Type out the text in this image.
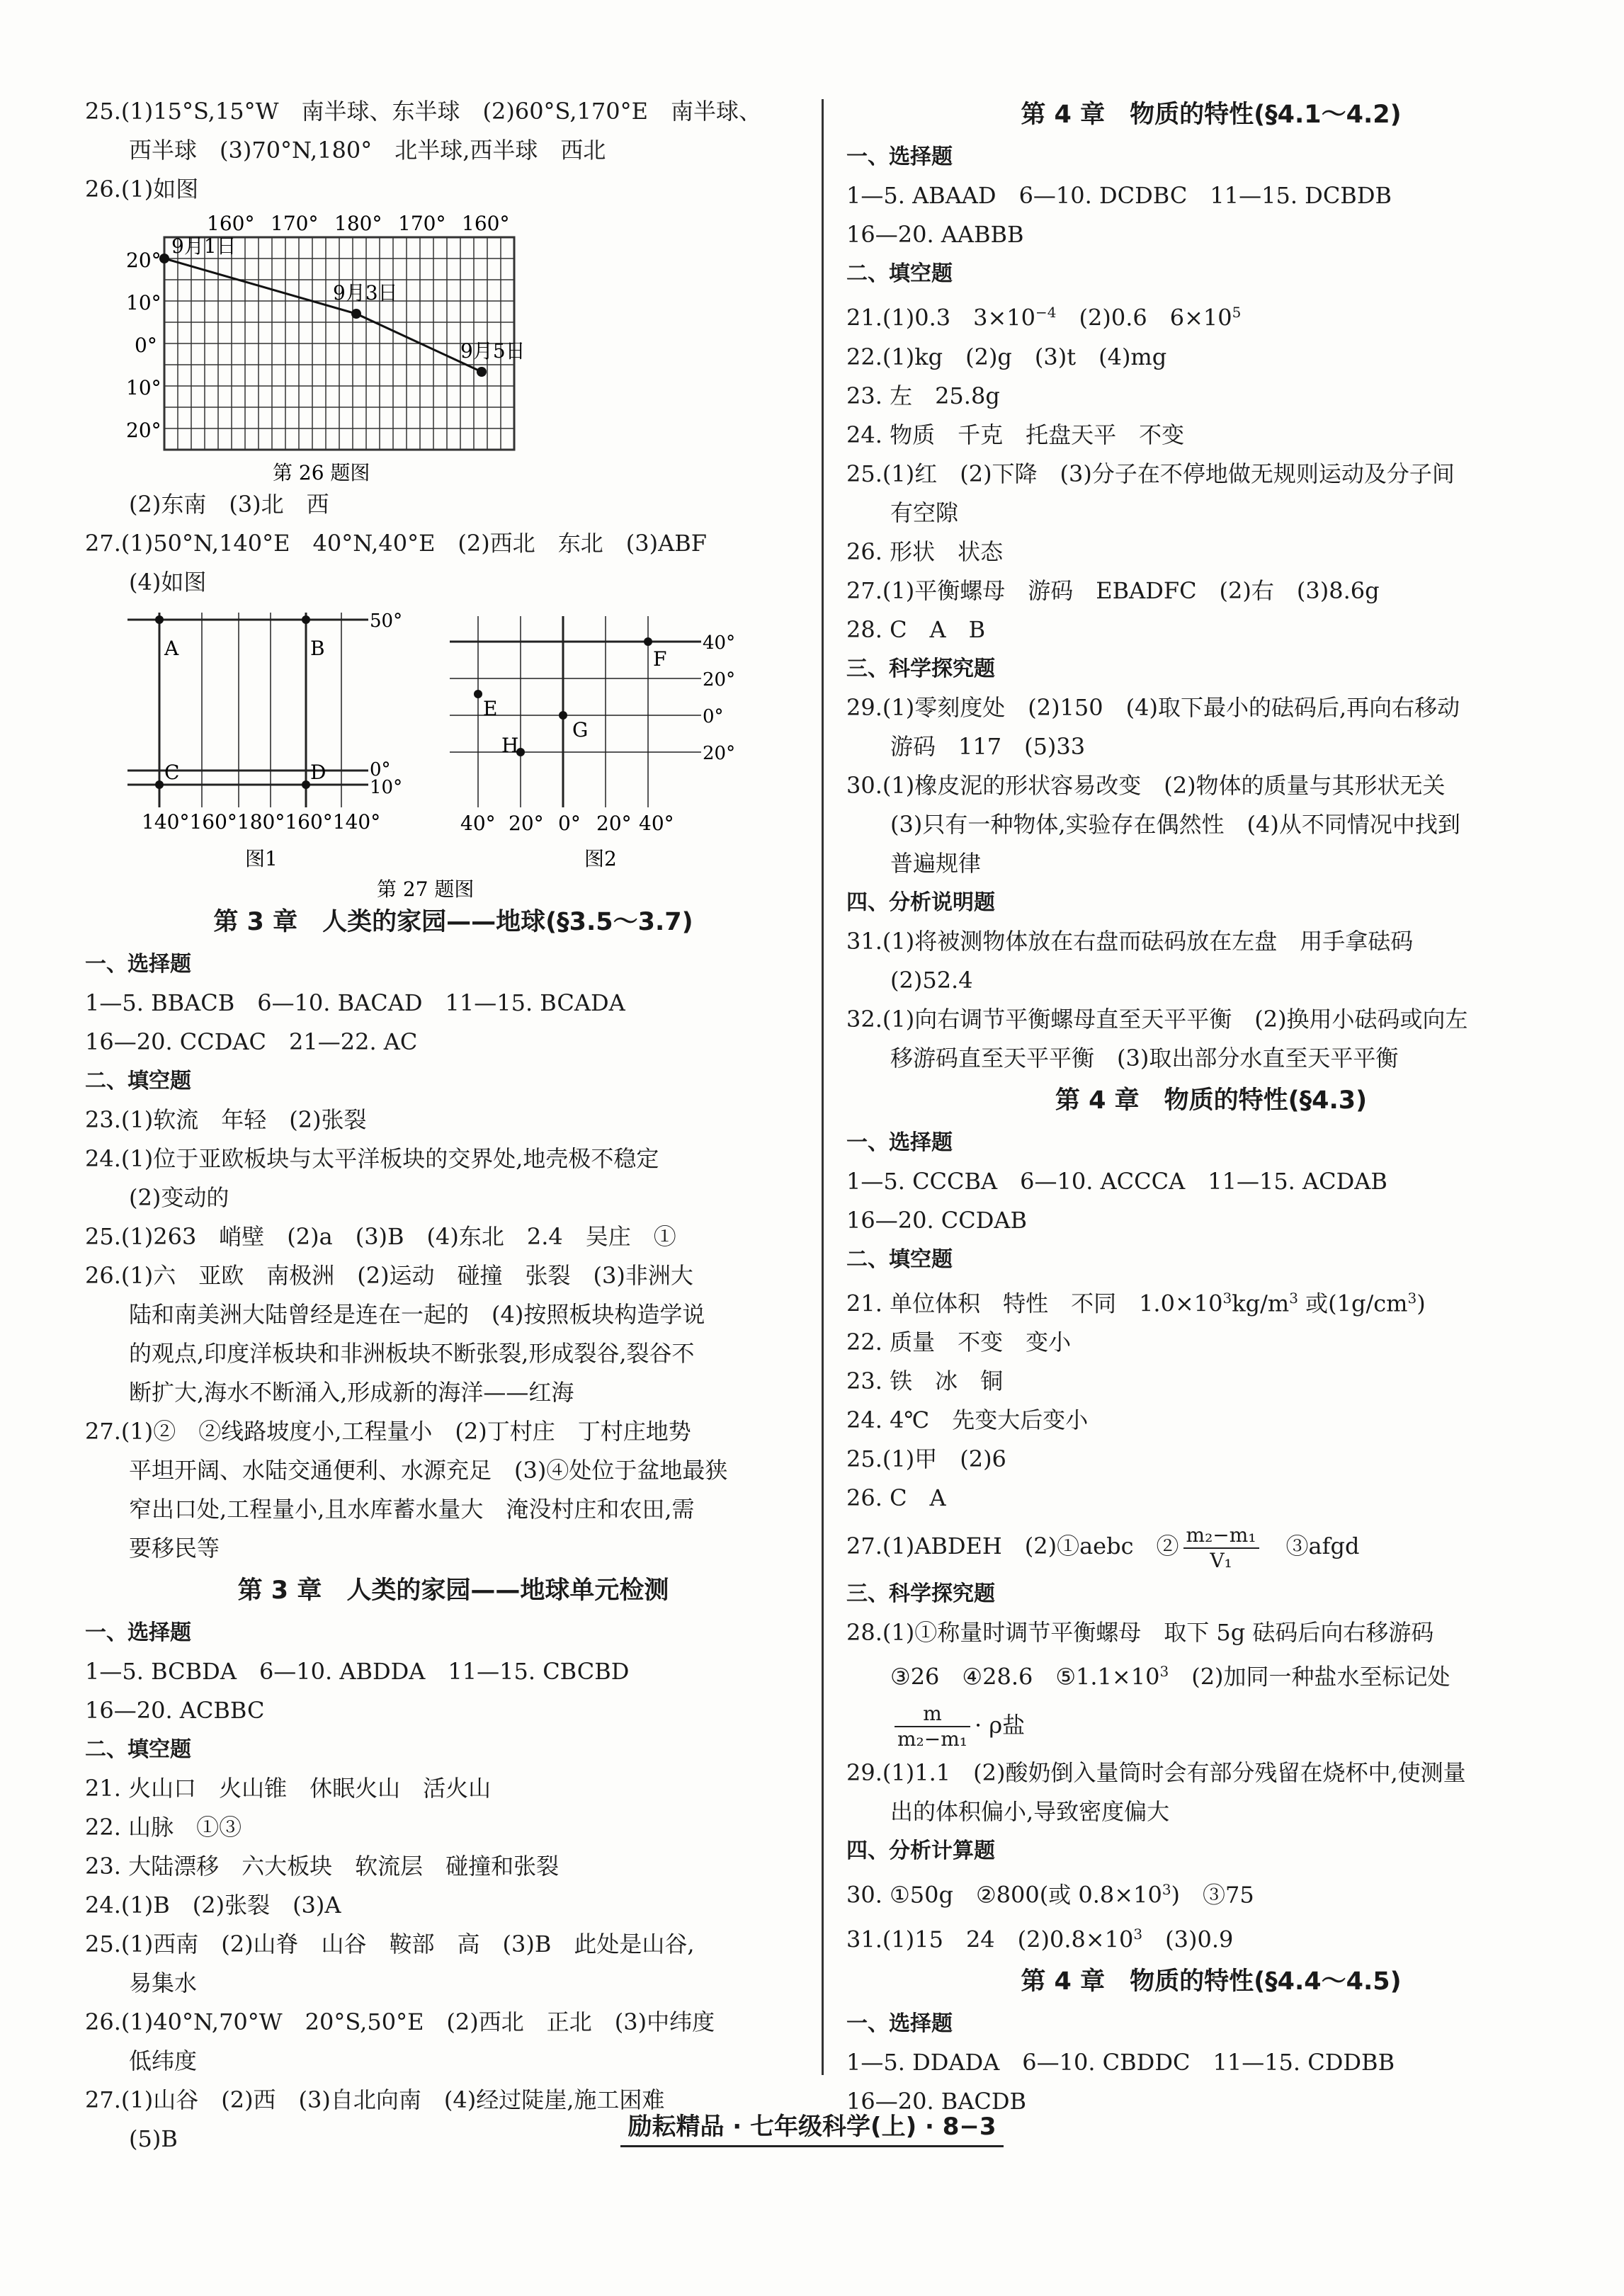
25.(1)15°S,15°W　南半球、东半球　(2)60°S,170°E　南半球、
西半球　(3)70°N,180°　北半球,西半球　西北
26.(1)如图
160° 170° 180° 170° 160°
20°
10°
0°
10°
20°
9月1日
9月3日
9月5日
第 26 题图
(2)东南　(3)北　西
27.(1)50°N,140°E　40°N,40°E　(2)西北　东北　(3)ABF
(4)如图
A	B
C	D
50°
0°
10°
140°160°180°160°140°
图1
F
E
H
G
40°
20°
0°
20°
40° 20° 0° 20° 40°
图2
第 27 题图
第 3 章　人类的家园——地球(§3.5～3.7)
一、选择题
1—5. BBACB　6—10. BACAD　11—15. BCADA
16—20. CCDAC　21—22. AC
二、填空题
23.(1)软流　年轻　(2)张裂
24.(1)位于亚欧板块与太平洋板块的交界处,地壳极不稳定
(2)变动的
25.(1)263　峭壁　(2)a　(3)B　(4)东北　2.4　吴庄　①
26.(1)六　亚欧　南极洲　(2)运动　碰撞　张裂　(3)非洲大
陆和南美洲大陆曾经是连在一起的　(4)按照板块构造学说
的观点,印度洋板块和非洲板块不断张裂,形成裂谷,裂谷不
断扩大,海水不断涌入,形成新的海洋——红海
27.(1)②　②线路坡度小,工程量小　(2)丁村庄　丁村庄地势
平坦开阔、水陆交通便利、水源充足　(3)④处位于盆地最狭
窄出口处,工程量小,且水库蓄水量大　淹没村庄和农田,需
要移民等
第 3 章　人类的家园——地球单元检测
一、选择题
1—5. BCBDA　6—10. ABDDA　11—15. CBCBD
16—20. ACBBC
二、填空题
21. 火山口　火山锥　休眠火山　活火山
22. 山脉　①③
23. 大陆漂移　六大板块　软流层　碰撞和张裂
24.(1)B　(2)张裂　(3)A
25.(1)西南　(2)山脊　山谷　鞍部　高　(3)B　此处是山谷,
易集水
26.(1)40°N,70°W　20°S,50°E　(2)西北　正北　(3)中纬度
低纬度
27.(1)山谷　(2)西　(3)自北向南　(4)经过陡崖,施工困难
(5)B
第 4 章　物质的特性(§4.1～4.2)
一、选择题
1—5. ABAAD　6—10. DCDBC　11—15. DCBDB
16—20. AABBB
二、填空题
21.(1)0.3　$3\times 10^{-4}$　(2)0.6　$6\times 10^5$
22.(1)kg　(2)g　(3)t　(4)mg
23. 左　25.8g
24. 物质　千克　托盘天平　不变
25.(1)红　(2)下降　(3)分子在不停地做无规则运动及分子间
有空隙
26. 形状　状态
27.(1)平衡螺母　游码　EBADFC　(2)右　(3)8.6g
28. C　A　B
三、科学探究题
29.(1)零刻度处　(2)150　(4)取下最小的砝码后,再向右移动
游码　117　(5)33
30.(1)橡皮泥的形状容易改变　(2)物体的质量与其形状无关
(3)只有一种物体,实验存在偶然性　(4)从不同情况中找到
普遍规律
四、分析说明题
31.(1)将被测物体放在右盘而砝码放在左盘　用手拿砝码
(2)52.4
32.(1)向右调节平衡螺母直至天平平衡　(2)换用小砝码或向左
移游码直至天平平衡　(3)取出部分水直至天平平衡
第 4 章　物质的特性(§4.3)
一、选择题
1—5. CCCBA　6—10. ACCCA　11—15. ACDAB
16—20. CCDAB
二、填空题
21. 单位体积　特性　不同　$1.0\times 10^3kg/m^3$ 或$(1g/cm^3)$
22. 质量　不变　变小
23. 铁　冰　铜
24. 4℃　先变大后变小
25.(1)甲　(2)6
26. C　A
27.(1)ABDEH　(2)①aebc　② $\frac{\text{m₂−m₁}}{\text{V₁}}$ 　③afgd
三、科学探究题
28.(1)①称量时调节平衡螺母　取下 5g 砝码后向右移游码
③26　④28.6　$⑤1.1\times 10^3$　(2)加同一种盐水至标记处
$\frac{m}{\text{m₂−m₁}} \cdot \rho$盐
29.(1)1.1　(2)酸奶倒入量筒时会有部分残留在烧杯中,使测量
出的体积偏小,导致密度偏大
四、分析计算题
30. ①50g　②800(或 $0.8\times 10^3$)　③75
31.(1)15　24　$(2)0.8\times 10^3$　(3)0.9
第 4 章　物质的特性(§4.4～4.5)
一、选择题
1—5. DDADA　6—10. CBDDC　11—15. CDDBB
16—20. BACDB
励耘精品 · 七年级科学(上) · 8−3
